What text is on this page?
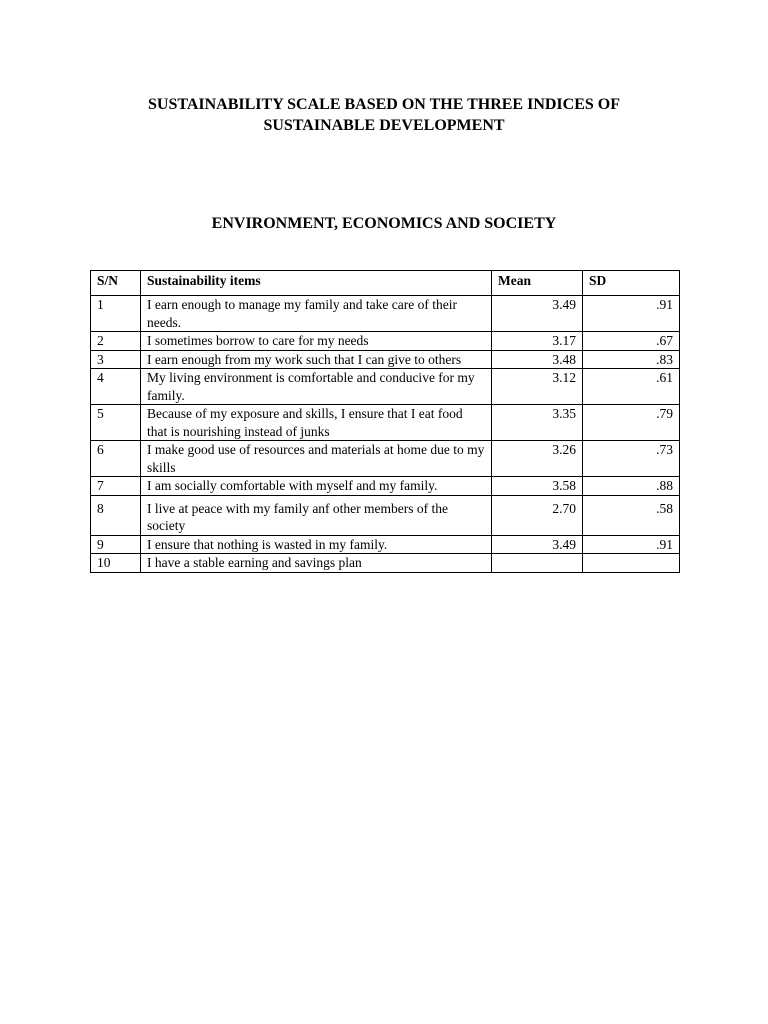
SUSTAINABILITY SCALE BASED ON THE THREE INDICES OF
SUSTAINABLE DEVELOPMENT
ENVIRONMENT, ECONOMICS AND SOCIETY
S/N	Sustainability items	Mean	SD
1	I earn enough to manage my family and take care of their needs.	3.49	.91
2	I sometimes borrow to care for my needs	3.17	.67
3	I earn enough from my work such that I can give to others	3.48	.83
4	My living environment is comfortable and conducive for my family.	3.12	.61
5	Because of my exposure and skills, I ensure that I eat food that is nourishing instead of junks	3.35	.79
6	I make good use of resources and materials at home due to my skills	3.26	.73
7	I am socially comfortable with myself and my family.	3.58	.88
8	I live at peace with my family anf other members of the society	2.70	.58
9	I ensure that nothing is wasted in my family.	3.49	.91
10	I have a stable earning and savings plan		
